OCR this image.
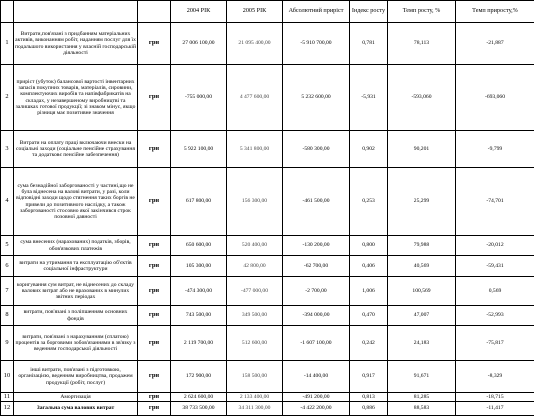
			2004 РІК	2005 РІК	Абсолютний приріст	Індекс росту	Темп росту, %	Темп приросту,%
1	Витрати,пов'язані з придбанням матеріальних активів, виконанням робіт, наданням послуг для їх подальшого використання у власній господарській діяльності	грн	27 006 100,00	21 095 400,00	-5 910 700,00	0,781	78,113	-21,887
2	приріст (убуток) балансової вартості інвентарних запасів покупних товарів, матеріалів, сировини, комплектуючих виробів та напівфабрикатів на складах, у незавершеному виробництві та залишках готової продукції; зі знаком мінус, якщо різниця має позитивне значення	грн	-755 000,00	4 477 600,00	5 232 600,00	-5,931	-593,060	-693,060
3	Витрати на оплату праці включаючи внески на соціальні заходи (соціальне пенсійне страхування та додатковє пенсійне забезпечення)	грн	5 922 100,00	5 341 800,00	-580 300,00	0,902	90,201	-9,799
4	сума безнадійної заборгованості у частині,що не була віднесена на валові витрати, у разі, коли відповідні заходи щодо стягнення таких боргів не привели до позитивного наслідку, а також заборгованості стосовно якої закінчився строк позовної давності	грн	617 800,00	156 300,00	-461 500,00	0,253	25,299	-74,701
5	сума внесених (нарахованих) податків, зборів, обов'язкових платежів	грн	650 600,00	520 400,00	-130 200,00	0,800	79,988	-20,012
6	витрати на утримання та експлуатацію об'єктів соціальної інфраструктури	грн	105 300,00	42 800,00	-62 700,00	0,406	40,569	-59,431
7	коригування сум витрат, не віднесених до складу валових витрат або не врахованих в минулих звітних періодах	грн	-474 300,00	-477 000,00	-2 700,00	1,006	100,569	0,569
8	витрати, пов'язані з поліпшенням основних фондів	грн	743 500,00	349 500,00	-394 000,00	0,470	47,007	-52,993
9	витрати, пов'язані з нарахуванням (сплатою) процентів за борговими зобов'язаннями в зв'язку з веденням господарської діяльності	грн	2 119 700,00	512 600,00	-1 607 100,00	0,242	24,183	-75,817
10	інші витрати, пов'язані з підготовкою, організацією, веденням виробництва, продажем продукції (робіт, послуг)	грн	172 900,00	158 500,00	-14 400,00	0,917	91,671	-8,329
11	Амортизація	грн	2 624 600,00	2 133 400,00	-491 200,00	0,813	81,285	-18,715
12	Загальна сума валових витрат	грн	38 733 500,00	34 311 300,00	-4 422 200,00	0,886	88,583	-11,417
